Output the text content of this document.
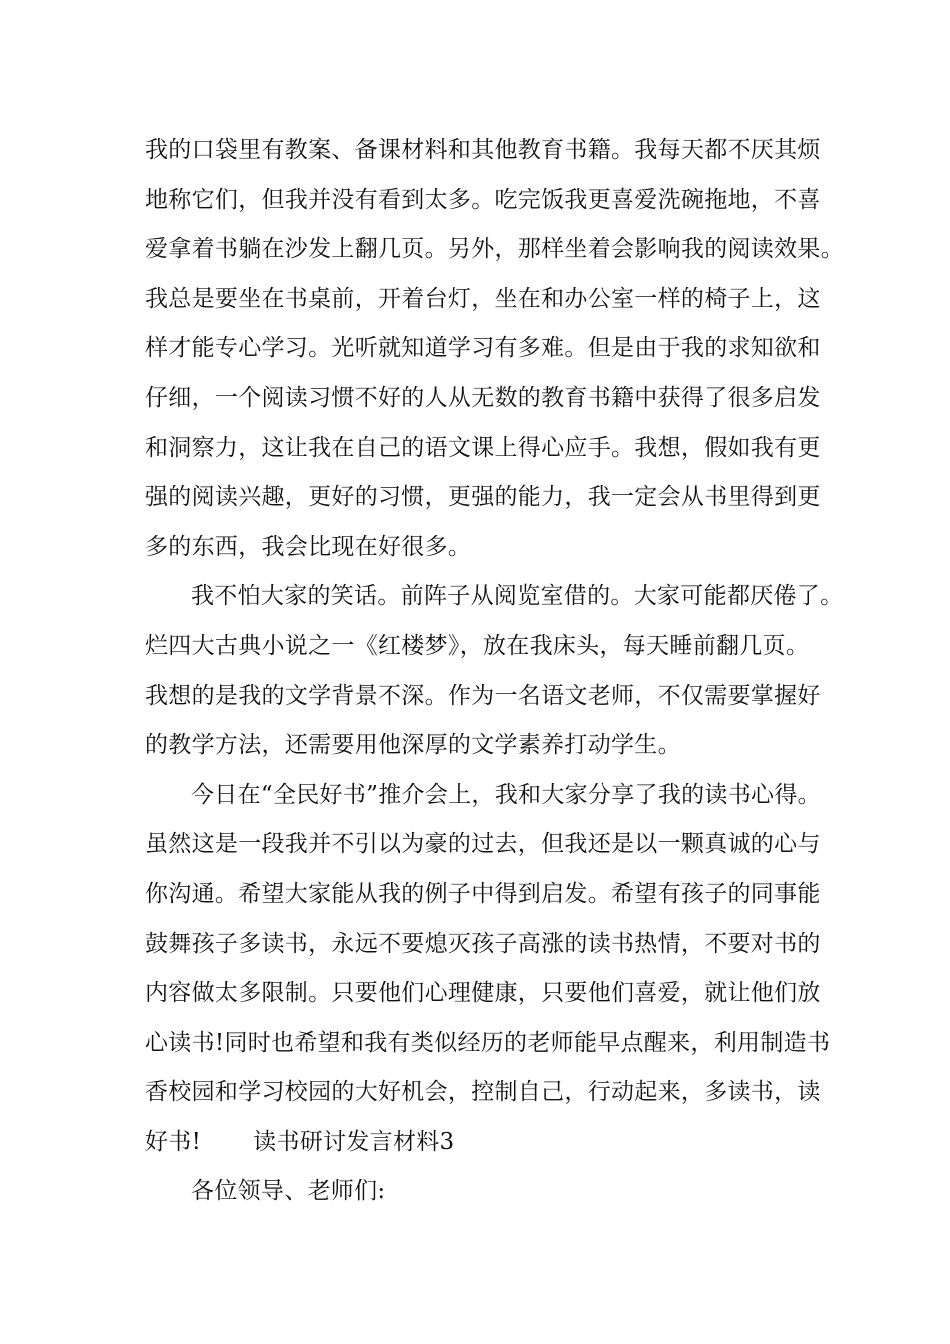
我的口袋里有教案、备课材料和其他教育书籍。我每天都不厌其烦
地称它们，但我并没有看到太多。吃完饭我更喜爱洗碗拖地，不喜
爱拿着书躺在沙发上翻几页。另外，那样坐着会影响我的阅读效果。
我总是要坐在书桌前，开着台灯，坐在和办公室一样的椅子上，这
样才能专心学习。光听就知道学习有多难。但是由于我的求知欲和
仔细，一个阅读习惯不好的人从无数的教育书籍中获得了很多启发
和洞察力，这让我在自己的语文课上得心应手。我想，假如我有更
强的阅读兴趣，更好的习惯，更强的能力，我一定会从书里得到更
多的东西，我会比现在好很多。
我不怕大家的笑话。前阵子从阅览室借的。大家可能都厌倦了。
烂四大古典小说之一《红楼梦》，放在我床头，每天睡前翻几页。
我想的是我的文学背景不深。作为一名语文老师，不仅需要掌握好
的教学方法，还需要用他深厚的文学素养打动学生。
今日在“全民好书”推介会上，我和大家分享了我的读书心得。
虽然这是一段我并不引以为豪的过去，但我还是以一颗真诚的心与
你沟通。希望大家能从我的例子中得到启发。希望有孩子的同事能
鼓舞孩子多读书，永远不要熄灭孩子高涨的读书热情，不要对书的
内容做太多限制。只要他们心理健康，只要他们喜爱，就让他们放
心读书!同时也希望和我有类似经历的老师能早点醒来，利用制造书
香校园和学习校园的大好机会，控制自己，行动起来，多读书，读
好书! 读书研讨发言材料3
各位领导、老师们:
